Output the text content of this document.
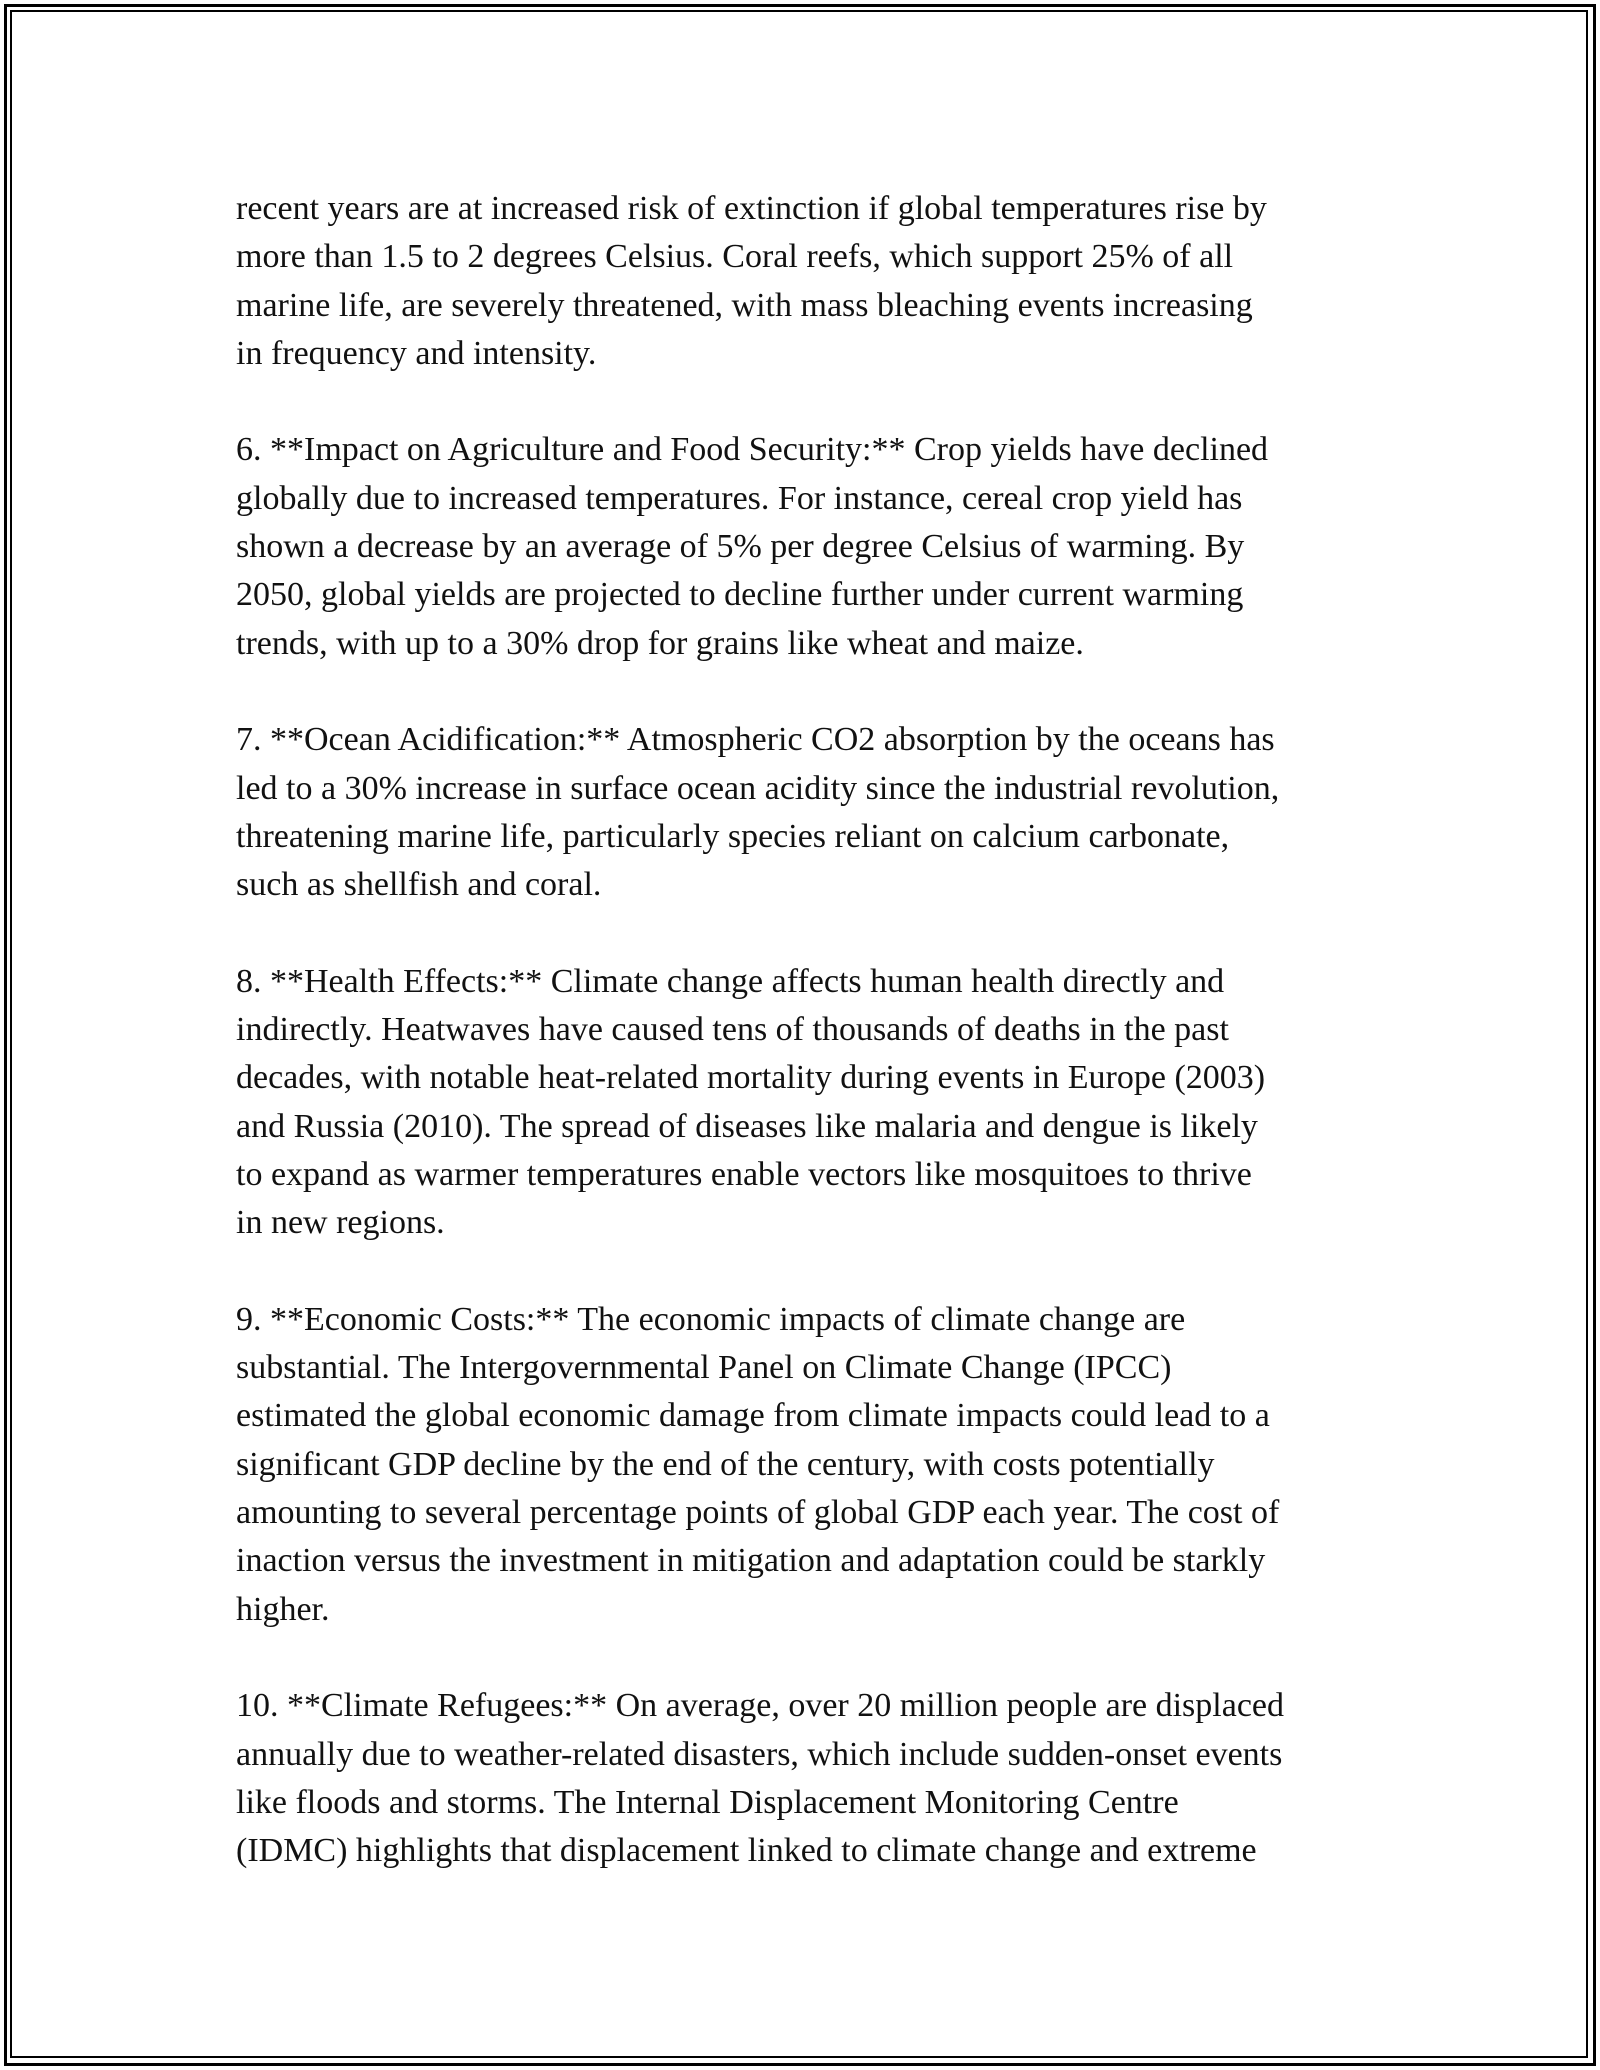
recent years are at increased risk of extinction if global temperatures rise by
more than 1.5 to 2 degrees Celsius. Coral reefs, which support 25% of all
marine life, are severely threatened, with mass bleaching events increasing
in frequency and intensity.
6. **Impact on Agriculture and Food Security:** Crop yields have declined
globally due to increased temperatures. For instance, cereal crop yield has
shown a decrease by an average of 5% per degree Celsius of warming. By
2050, global yields are projected to decline further under current warming
trends, with up to a 30% drop for grains like wheat and maize.
7. **Ocean Acidification:** Atmospheric CO2 absorption by the oceans has
led to a 30% increase in surface ocean acidity since the industrial revolution,
threatening marine life, particularly species reliant on calcium carbonate,
such as shellfish and coral.
8. **Health Effects:** Climate change affects human health directly and
indirectly. Heatwaves have caused tens of thousands of deaths in the past
decades, with notable heat-related mortality during events in Europe (2003)
and Russia (2010). The spread of diseases like malaria and dengue is likely
to expand as warmer temperatures enable vectors like mosquitoes to thrive
in new regions.
9. **Economic Costs:** The economic impacts of climate change are
substantial. The Intergovernmental Panel on Climate Change (IPCC)
estimated the global economic damage from climate impacts could lead to a
significant GDP decline by the end of the century, with costs potentially
amounting to several percentage points of global GDP each year. The cost of
inaction versus the investment in mitigation and adaptation could be starkly
higher.
10. **Climate Refugees:** On average, over 20 million people are displaced
annually due to weather-related disasters, which include sudden-onset events
like floods and storms. The Internal Displacement Monitoring Centre
(IDMC) highlights that displacement linked to climate change and extreme
